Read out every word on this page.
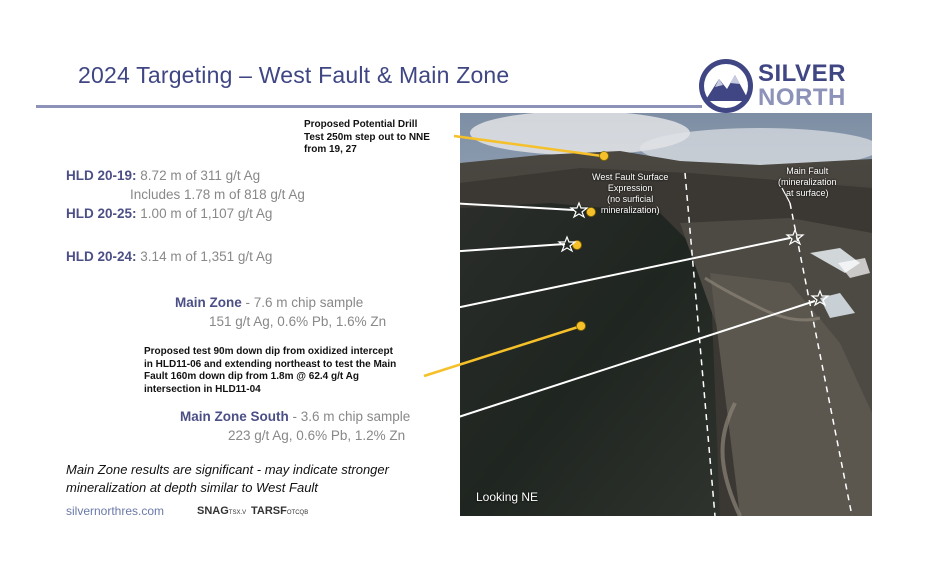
2024 Targeting – West Fault & Main Zone	SILVER
NORTH
West Fault Surface
Expression
(no surficial
mineralization)
Main Fault
(mineralization
at surface)
Looking NE
Proposed Potential Drill
Test 250m step out to NNE
from 19, 27
Proposed test 90m down dip from oxidized intercept
in HLD11-06 and extending northeast to test the Main
Fault 160m down dip from 1.8m @ 62.4 g/t Ag
intersection in HLD11-04
HLD 20-19: 8.72 m of 311 g/t Ag
Includes 1.78 m of 818 g/t Ag
HLD 20-25: 1.00 m of 1,107 g/t Ag
HLD 20-24: 3.14 m of 1,351 g/t Ag
Main Zone - 7.6 m chip sample
151 g/t Ag, 0.6% Pb, 1.6% Zn
Main Zone South - 3.6 m chip sample
223 g/t Ag, 0.6% Pb, 1.2% Zn
Main Zone results are significant - may indicate stronger
mineralization at depth similar to West Fault
silvernorthres.com	SNAGTSX.V TARSFOTCQB
